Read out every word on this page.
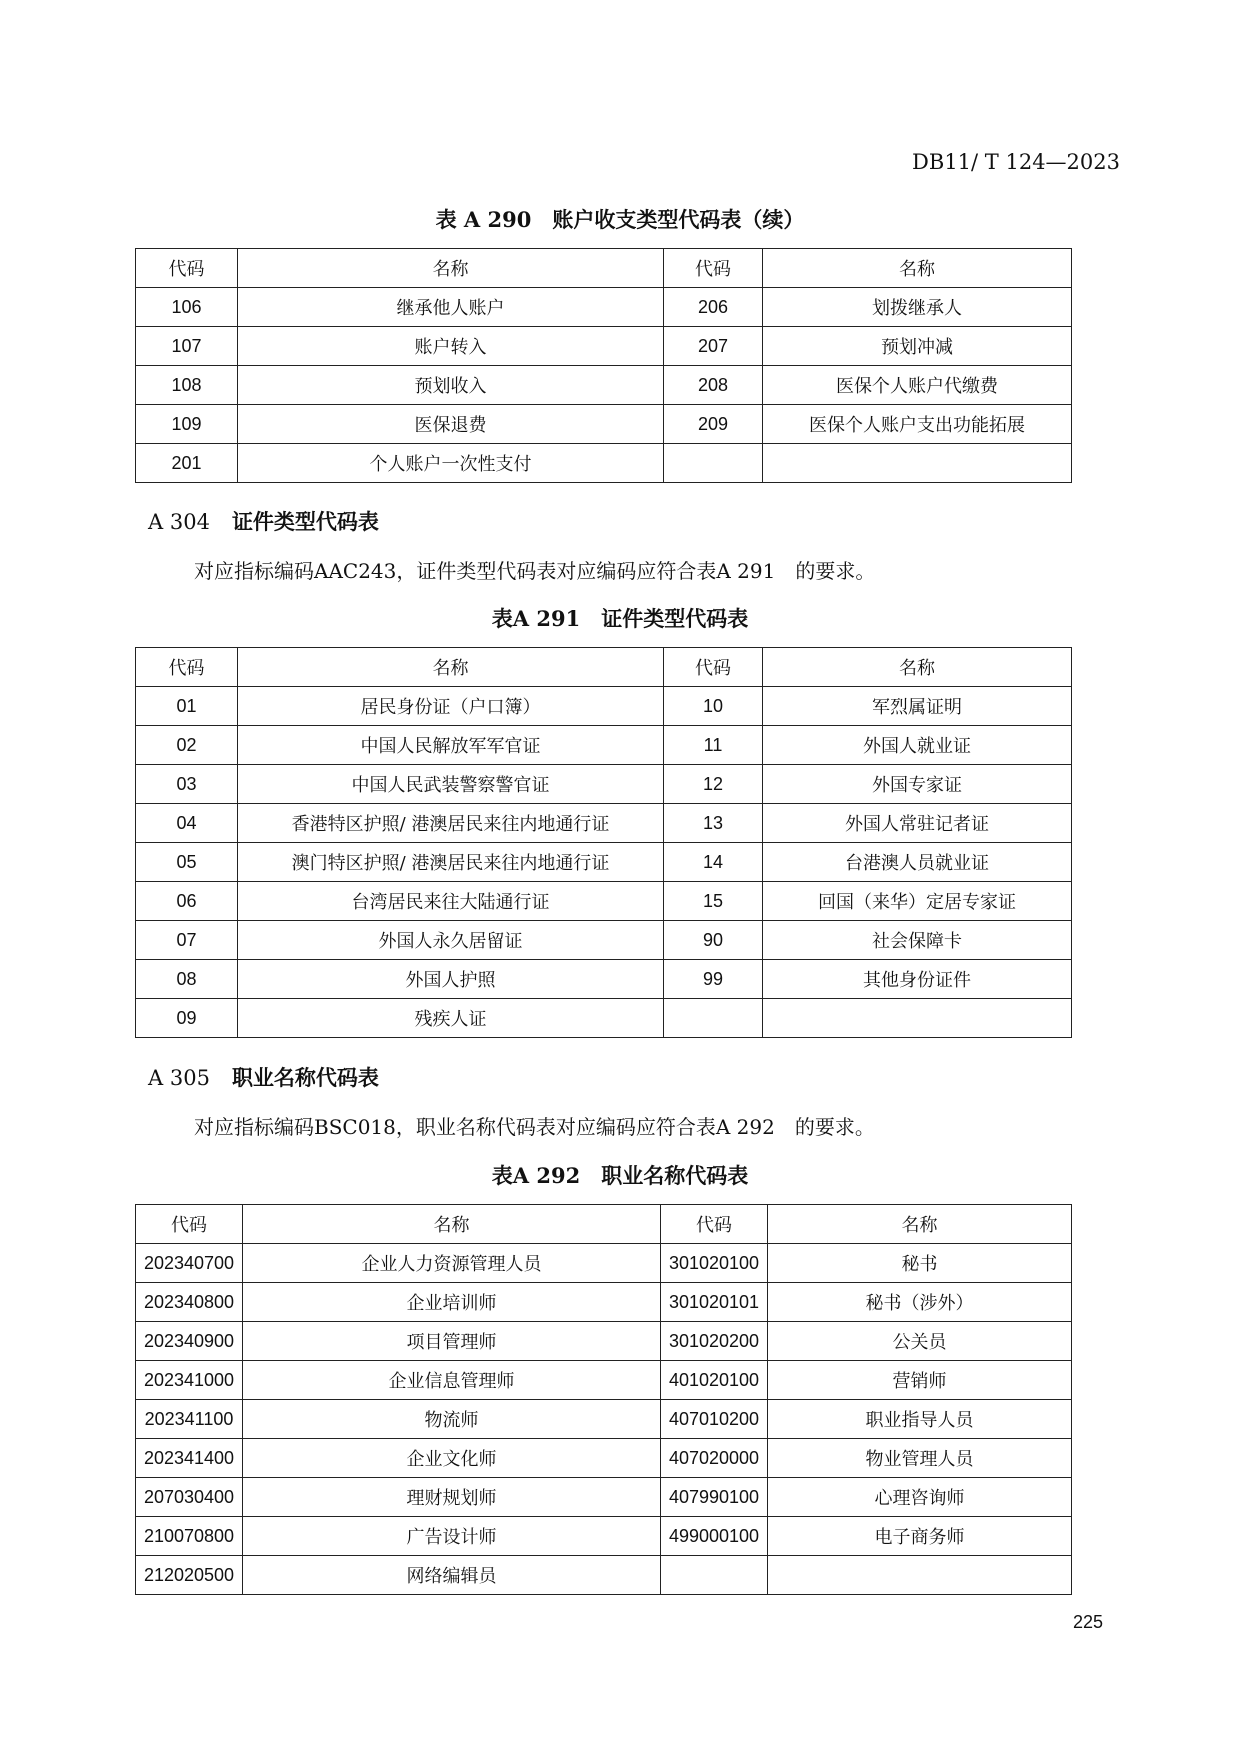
DB11/ T 124—2023
表 A 290　账户收支类型代码表（续）
代码	名称	代码	名称
106	继承他人账户	206	划拨继承人
107	账户转入	207	预划冲减
108	预划收入	208	医保个人账户代缴费
109	医保退费	209	医保个人账户支出功能拓展
201	个人账户一次性支付		
A 304 证件类型代码表
对应指标编码AAC243，证件类型代码表对应编码应符合表A 291　的要求。
表A 291　证件类型代码表
代码	名称	代码	名称
01	居民身份证（户口簿）	10	军烈属证明
02	中国人民解放军军官证	11	外国人就业证
03	中国人民武装警察警官证	12	外国专家证
04	香港特区护照/ 港澳居民来往内地通行证	13	外国人常驻记者证
05	澳门特区护照/ 港澳居民来往内地通行证	14	台港澳人员就业证
06	台湾居民来往大陆通行证	15	回国（来华）定居专家证
07	外国人永久居留证	90	社会保障卡
08	外国人护照	99	其他身份证件
09	残疾人证		
A 305 职业名称代码表
对应指标编码BSC018，职业名称代码表对应编码应符合表A 292　的要求。
表A 292　职业名称代码表
代码	名称	代码	名称
202340700	企业人力资源管理人员	301020100	秘书
202340800	企业培训师	301020101	秘书（涉外）
202340900	项目管理师	301020200	公关员
202341000	企业信息管理师	401020100	营销师
202341100	物流师	407010200	职业指导人员
202341400	企业文化师	407020000	物业管理人员
207030400	理财规划师	407990100	心理咨询师
210070800	广告设计师	499000100	电子商务师
212020500	网络编辑员		
225
